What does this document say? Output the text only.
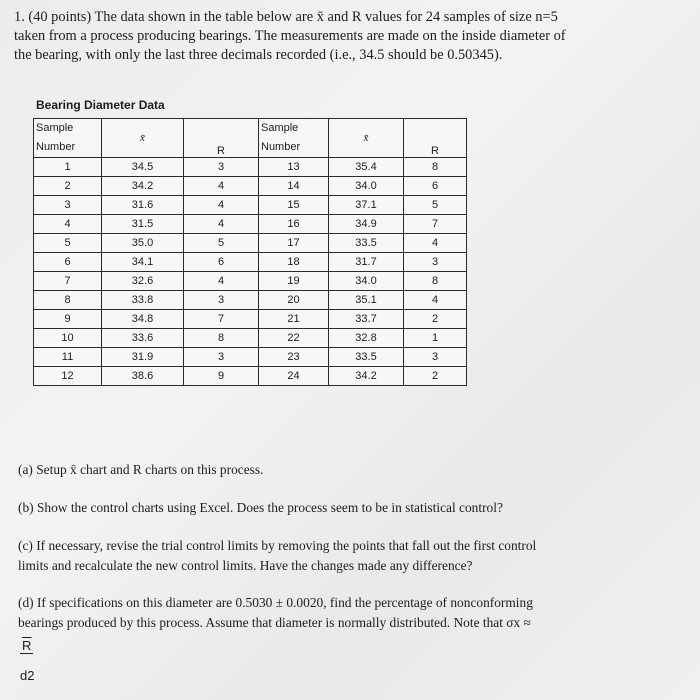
1. (40 points) The data shown in the table below are x̄ and R values for 24 samples of size n=5
taken from a process producing bearings. The measurements are made on the inside diameter of
the bearing, with only the last three decimals recorded (i.e., 34.5 should be 0.50345).
Bearing Diameter Data
Sample Number	x̄	R	Sample Number	x̄	R
1	34.5	3	13	35.4	8
2	34.2	4	14	34.0	6
3	31.6	4	15	37.1	5
4	31.5	4	16	34.9	7
5	35.0	5	17	33.5	4
6	34.1	6	18	31.7	3
7	32.6	4	19	34.0	8
8	33.8	3	20	35.1	4
9	34.8	7	21	33.7	2
10	33.6	8	22	32.8	1
11	31.9	3	23	33.5	3
12	38.6	9	24	34.2	2
(a) Setup x̄ chart and R charts on this process.
(b) Show the control charts using Excel. Does the process seem to be in statistical control?
(c) If necessary, revise the trial control limits by removing the points that fall out the first control
limits and recalculate the new control limits. Have the changes made any difference?
(d) If specifications on this diameter are 0.5030 ± 0.0020, find the percentage of nonconforming
bearings produced by this process. Assume that diameter is normally distributed. Note that σx ≈
$\frac{\overline{R}}{d2}$
